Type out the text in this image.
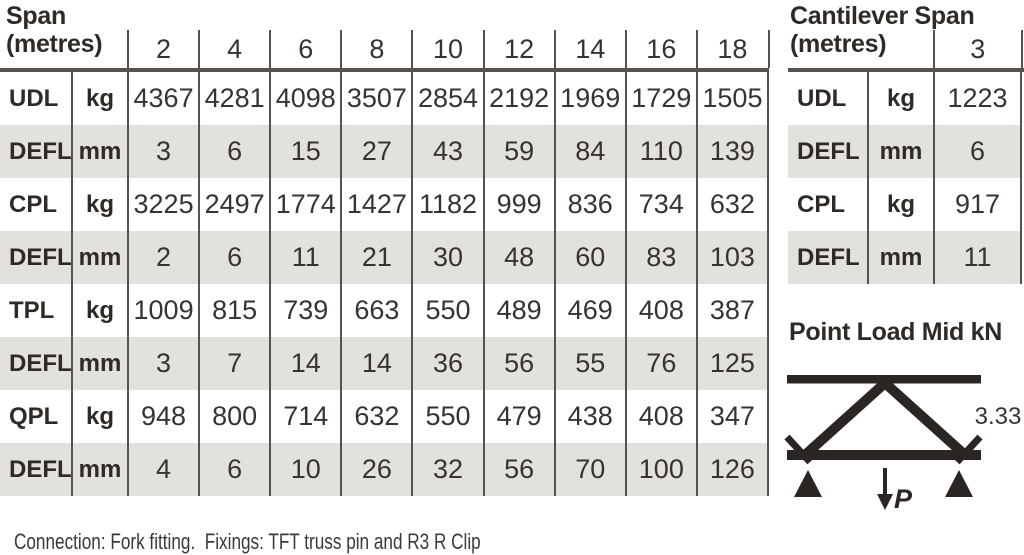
Span
(metres)	2	4	6	8	10	12	14	16	18
UDL	kg 4367 4281 4098 3507 2854 2192 1969 1729 1505
DEFL mm	3	6	15	27	43	59	84	110	139
CPL	kg 3225 2497 1774 1427 1182 999 836 734 632
DEFL mm	2	6	11	21	30	48	60	83	103
TPL	kg 1009 815 739 663 550 489 469 408 387
DEFL mm	3	7	14	14	36	56	55	76	125
QPL	kg	948 800 714 632 550 479 438 408 347
DEFL mm	4	6	10	26	32	56	70	100 126
Cantilever Span
(metres)	3
UDL	kg	1223
DEFL mm	6
CPL	kg	917
DEFL mm	11
Point Load Mid kN
3.33
P

Connection: Fork fitting.  Fixings: TFT truss pin and R3 R Clip
